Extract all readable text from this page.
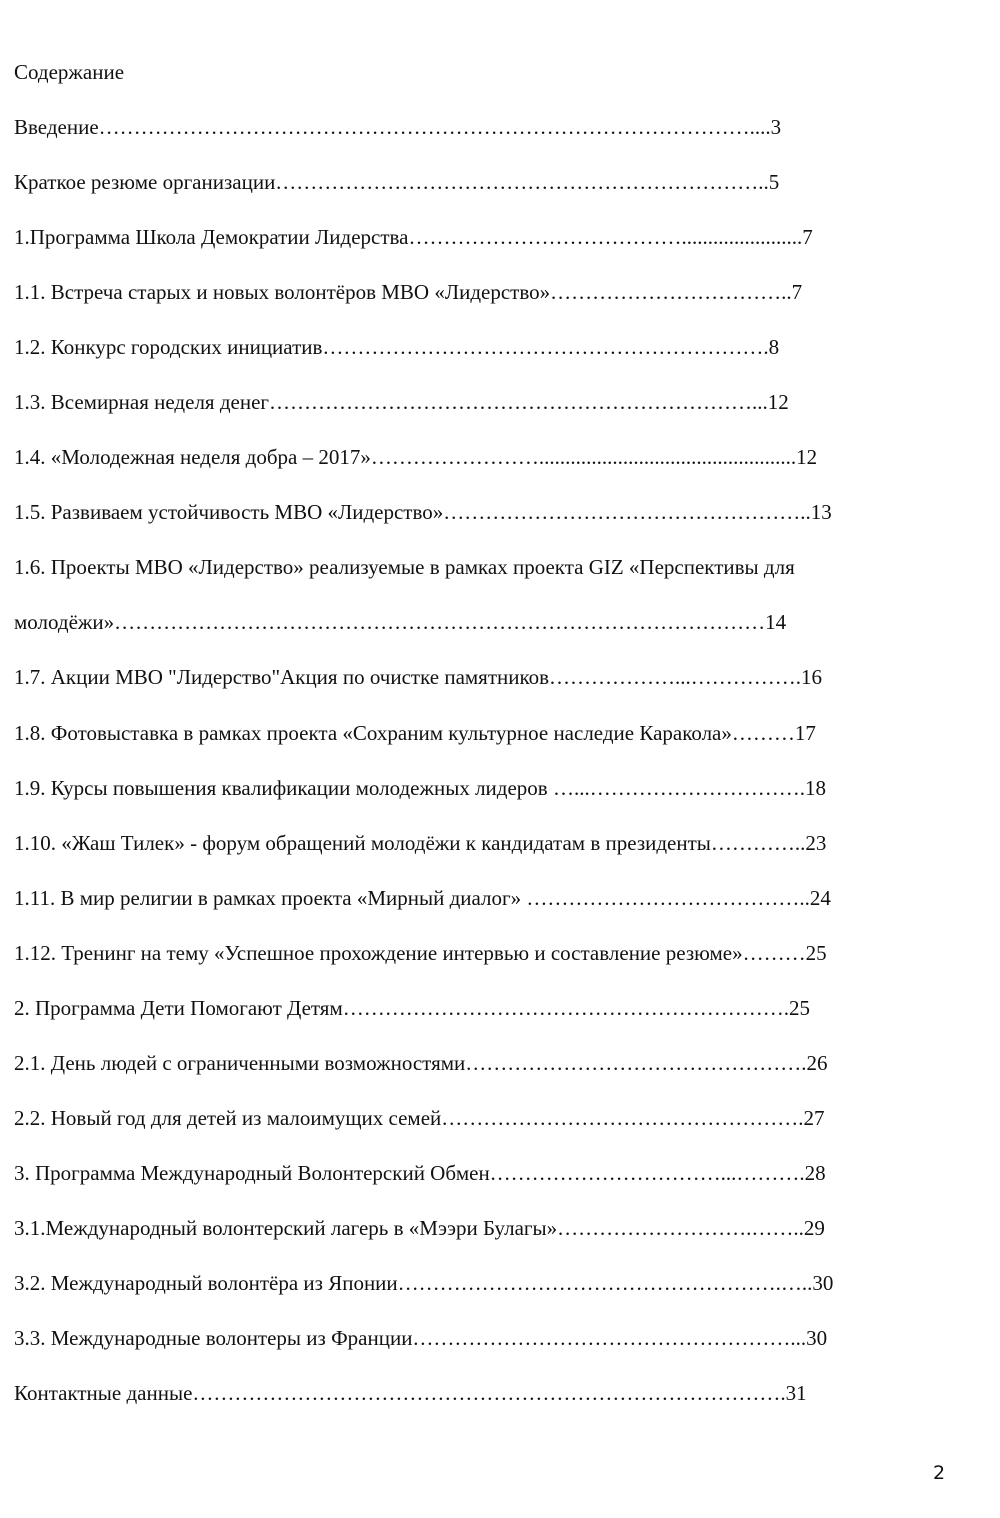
Содержание
Введение…………………………………………………………………………………....3
Краткое резюме организации……………………………………………………………..5
1.Программа Школа Демократии Лидерства………………………………….......................7
1.1. Встреча старых и новых волонтёров МВО «Лидерство»……………………………..7
1.2. Конкурс городских инициатив……………………………………………………….8
1.3. Всемирная неделя денег……………………………………………………………...12
1.4. «Молодежная неделя добра – 2017»…………………….................................................12
1.5. Развиваем устойчивость МВО «Лидерство»……………………………………………..13
1.6. Проекты МВО «Лидерство» реализуемые в рамках проекта GIZ «Перспективы для
молодёжи»…………………………………………………………………………………14
1.7. Акции МВО "Лидерство"Акция по очистке памятников………………...…………….16
1.8. Фотовыставка в рамках проекта «Сохраним культурное наследие Каракола»………17
1.9. Курсы повышения квалификации молодежных лидеров …...………………………….18
1.10. «Жаш Тилек» - форум обращений молодёжи к кандидатам в президенты…………..23
1.11. В мир религии в рамках проекта «Мирный диалог» …………………………………..24
1.12. Тренинг на тему «Успешное прохождение интервью и составление резюме»………25
2. Программа Дети Помогают Детям……………………………………………………….25
2.1. День людей с ограниченными возможностями………………………………………….26
2.2. Новый год для детей из малоимущих семей…………………………………………….27
3. Программа Международный Волонтерский Обмен……………………………...……….28
3.1.Международный волонтерский лагерь в «Мээри Булагы»……………………….……..29
3.2. Международный волонтёра из Японии……………………………………………….…..30
3.3. Международные волонтеры из Франции………………………………………………...30
Контактные данные………………………………………………………………………….31
2
